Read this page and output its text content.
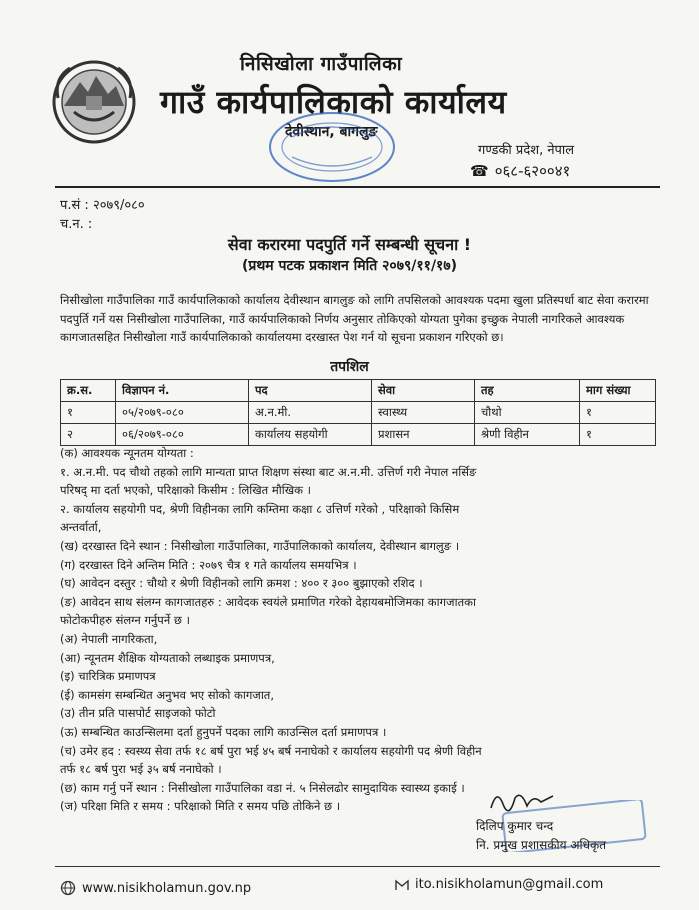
निसिखोला गाउँपालिका
गाउँ कार्यपालिकाको कार्यालय
देवीस्थान, बागलुङ
गण्डकी प्रदेश, नेपाल
☎ ०६८-६२००४१
प.सं : २०७९/०८०
च.न. :
सेवा करारमा पदपुर्ति गर्ने सम्बन्धी सूचना !
(प्रथम पटक प्रकाशन मिति २०७९/११/१७)
निसीखोला गाउँपालिका गाउँ कार्यपालिकाको कार्यालय देवीस्थान बागलुङ को लागि तपसिलको आवश्यक पदमा खुला प्रतिस्पर्धा बाट सेवा करारमा पदपुर्ति गर्ने यस निसीखोला गाउँपालिका, गाउँ कार्यपालिकाको निर्णय अनुसार तोकिएको योग्यता पुगेका इच्छुक नेपाली नागरिकले आवश्यक कागजातसहित निसीखोला गाउँ कार्यपालिकाको कार्यालयमा दरखास्त पेश गर्न यो सूचना प्रकाशन गरिएको छ।
तपशिल
क्र.स.	विज्ञापन नं.	पद	सेवा	तह	माग संख्या
१	०५/२०७९-०८०	अ.न.मी.	स्वास्थ्य	चौथो	१
२	०६/२०७९-०८०	कार्यालय सहयोगी	प्रशासन	श्रेणी विहीन	१
(क) आवश्यक न्यूनतम योग्यता :
१. अ.न.मी. पद चौथो तहको लागि मान्यता प्राप्त शिक्षण संस्था बाट अ.न.मी. उत्तिर्ण गरी नेपाल नर्सिङ
परिषद् मा दर्ता भएको, परिक्षाको किसीम : लिखित मौखिक ।
२. कार्यालय सहयोगी पद, श्रेणी विहीनका लागि कम्तिमा कक्षा ८ उत्तिर्ण गरेको , परिक्षाको किसिम
अन्तर्वार्ता,
(ख) दरखास्त दिने स्थान : निसीखोला गाउँपालिका, गाउँपालिकाको कार्यालय, देवीस्थान बागलुङ ।
(ग) दरखास्त दिने अन्तिम मिति : २०७९ चैत्र १ गते कार्यालय समयभित्र ।
(घ) आवेदन दस्तुर : चौथो र श्रेणी विहीनको लागि क्रमश : ४०० र ३०० बुझाएको रशिद ।
(ङ) आवेदन साथ संलग्न कागजातहरु : आवेदक स्वयंले प्रमाणित गरेको देहायबमोजिमका कागजातका
फोटोकपीहरु संलग्न गर्नुपर्ने छ ।
(अ) नेपाली नागरिकता,
(आ) न्यूनतम शैक्षिक योग्यताको लब्धाइक प्रमाणपत्र,
(इ) चारित्रिक प्रमाणपत्र
(ई) कामसंग सम्बन्धित अनुभव भए सोको कागजात,
(उ) तीन प्रति पासपोर्ट साइजको फोटो
(ऊ) सम्बन्धित काउन्सिलमा दर्ता हुनुपर्ने पदका लागि काउन्सिल दर्ता प्रमाणपत्र ।
(च) उमेर हद : स्वस्थ्य सेवा तर्फ १८ बर्ष पुरा भई ४५ बर्ष ननाघेको र कार्यालय सहयोगी पद श्रेणी विहीन
तर्फ १८ बर्ष पुरा भई ३५ बर्ष ननाघेको ।
(छ) काम गर्नु पर्ने स्थान : निसीखोला गाउँपालिका वडा नं. ५ निसेलढोर सामुदायिक स्वास्थ्य इकाई ।
(ज) परिक्षा मिति र समय : परिक्षाको मिति र समय पछि तोकिने छ ।
दिलिप कुमार चन्द
नि. प्रमुख प्रशासकीय अधिकृत
www.nisikholamun.gov.np	ito.nisikholamun@gmail.com
